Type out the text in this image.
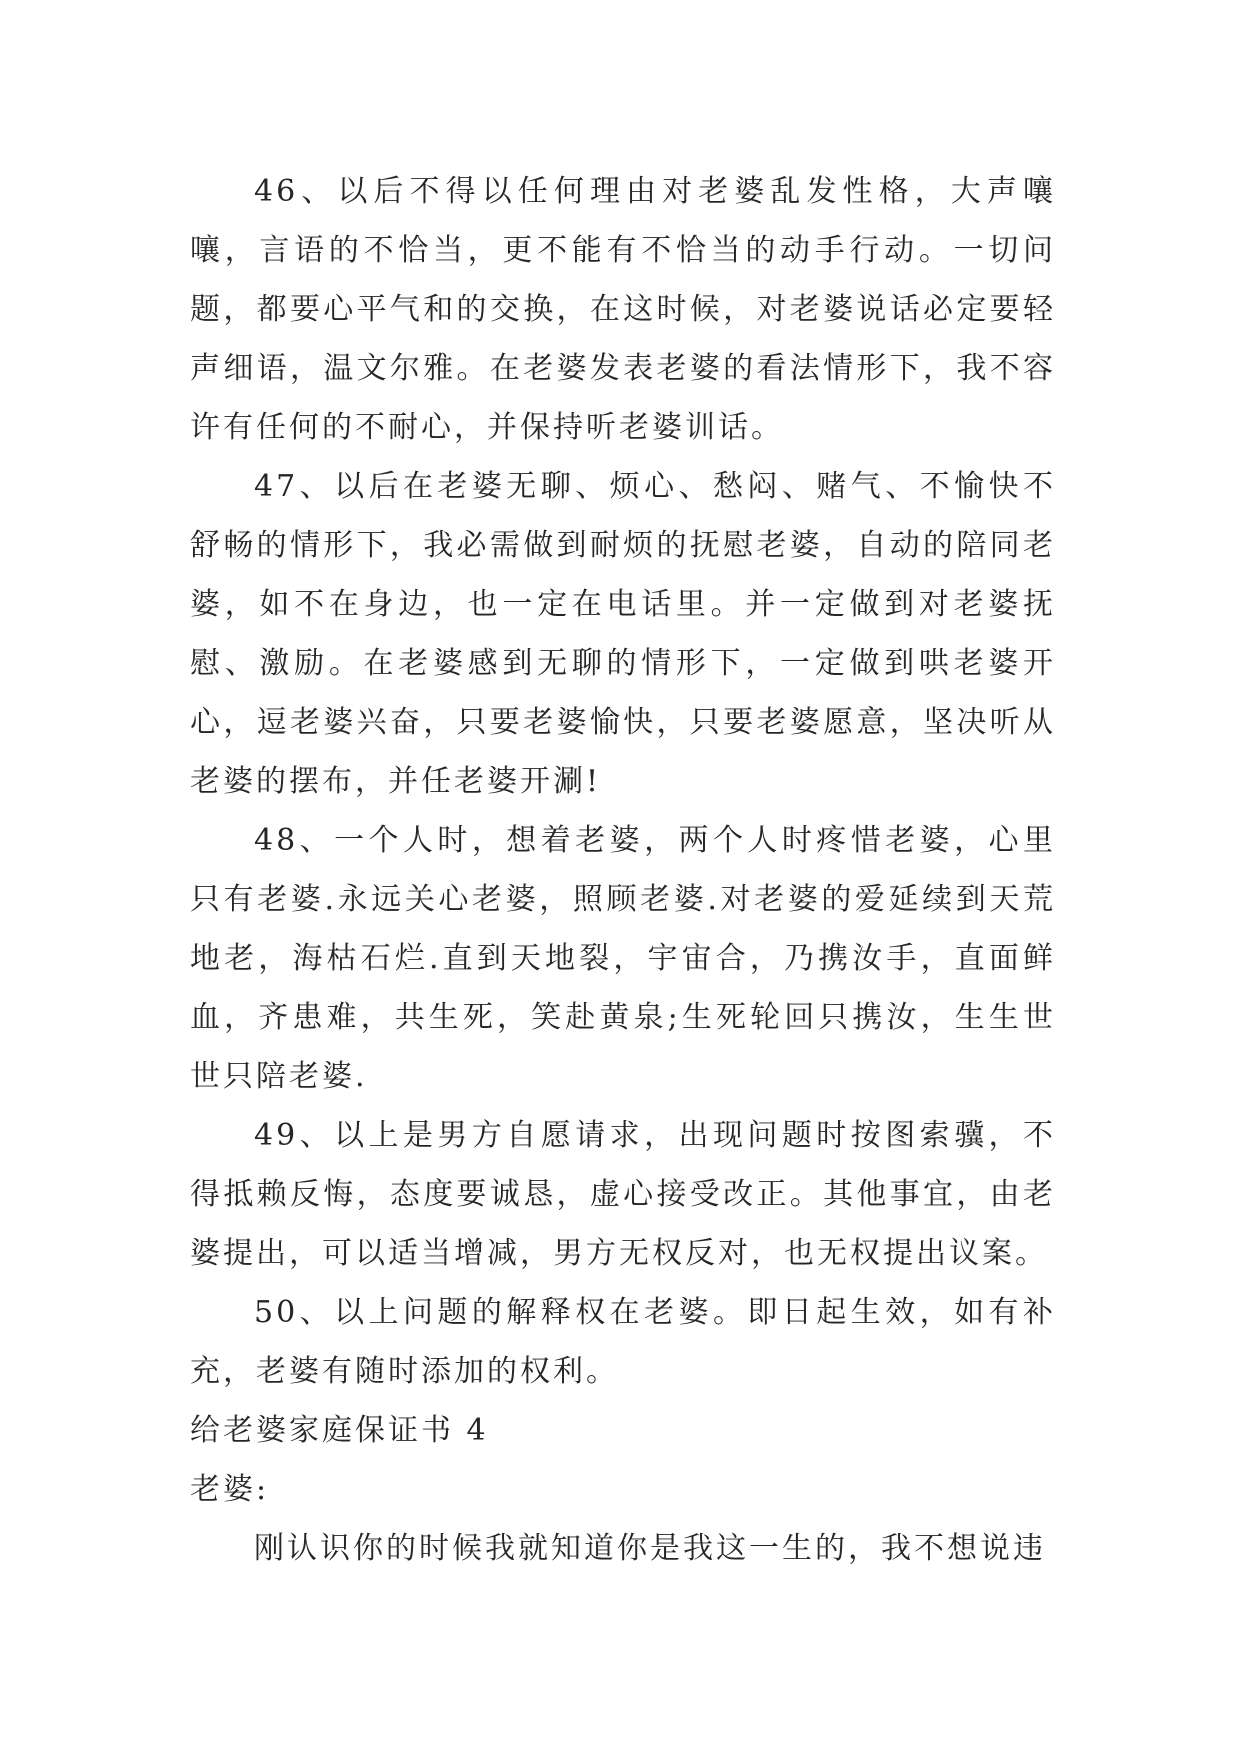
46、以后不得以任何理由对老婆乱发性格，大声嚷嚷，言语的不恰当，更不能有不恰当的动手行动。一切问题，都要心平气和的交换，在这时候，对老婆说话必定要轻声细语，温文尔雅。在老婆发表老婆的看法情形下，我不容许有任何的不耐心，并保持听老婆训话。

47、以后在老婆无聊、烦心、愁闷、赌气、不愉快不舒畅的情形下，我必需做到耐烦的抚慰老婆，自动的陪同老婆，如不在身边，也一定在电话里。并一定做到对老婆抚慰、激励。在老婆感到无聊的情形下，一定做到哄老婆开心，逗老婆兴奋，只要老婆愉快，只要老婆愿意，坚决听从老婆的摆布，并任老婆开涮!

48、一个人时，想着老婆，两个人时疼惜老婆，心里只有老婆.永远关心老婆，照顾老婆.对老婆的爱延续到天荒地老，海枯石烂.直到天地裂，宇宙合，乃携汝手，直面鲜血，齐患难，共生死，笑赴黄泉;生死轮回只携汝，生生世世只陪老婆.

49、以上是男方自愿请求，出现问题时按图索骥，不得抵赖反悔，态度要诚恳，虚心接受改正。其他事宜，由老婆提出，可以适当增减，男方无权反对，也无权提出议案。

50、以上问题的解释权在老婆。即日起生效，如有补充，老婆有随时添加的权利。

给老婆家庭保证书 4

老婆:

刚认识你的时候我就知道你是我这一生的，我不想说违
